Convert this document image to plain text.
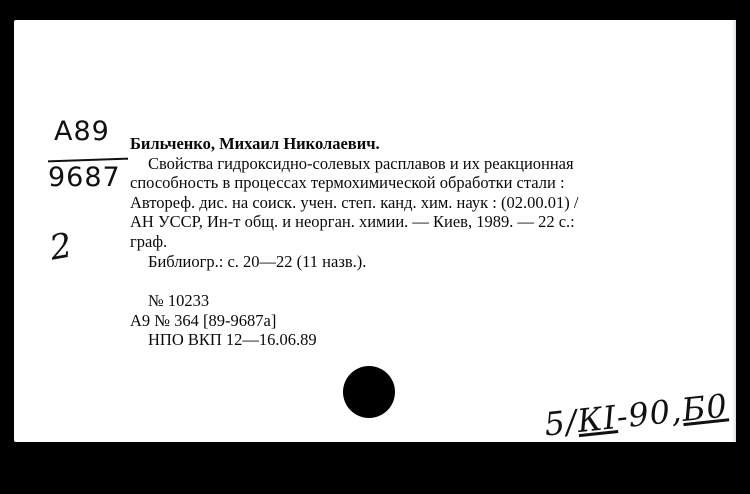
А89
9687
2

Бильченко, Михаил Николаевич.

Свойства гидроксидно-солевых расплавов и их реакционная

способность в процессах термохимической обработки стали :

Автореф. дис. на соиск. учен. степ. канд. хим. наук : (02.00.01) /

АН УССР, Ин-т общ. и неорган. химии. — Киев, 1989. — 22 с.:

граф.

Библиогр.: с. 20—22 (11 назв.).

№ 10233

А9 № 364 [89-9687а]

НПО ВКП 12—16.06.89

5/КI-90,Б0
